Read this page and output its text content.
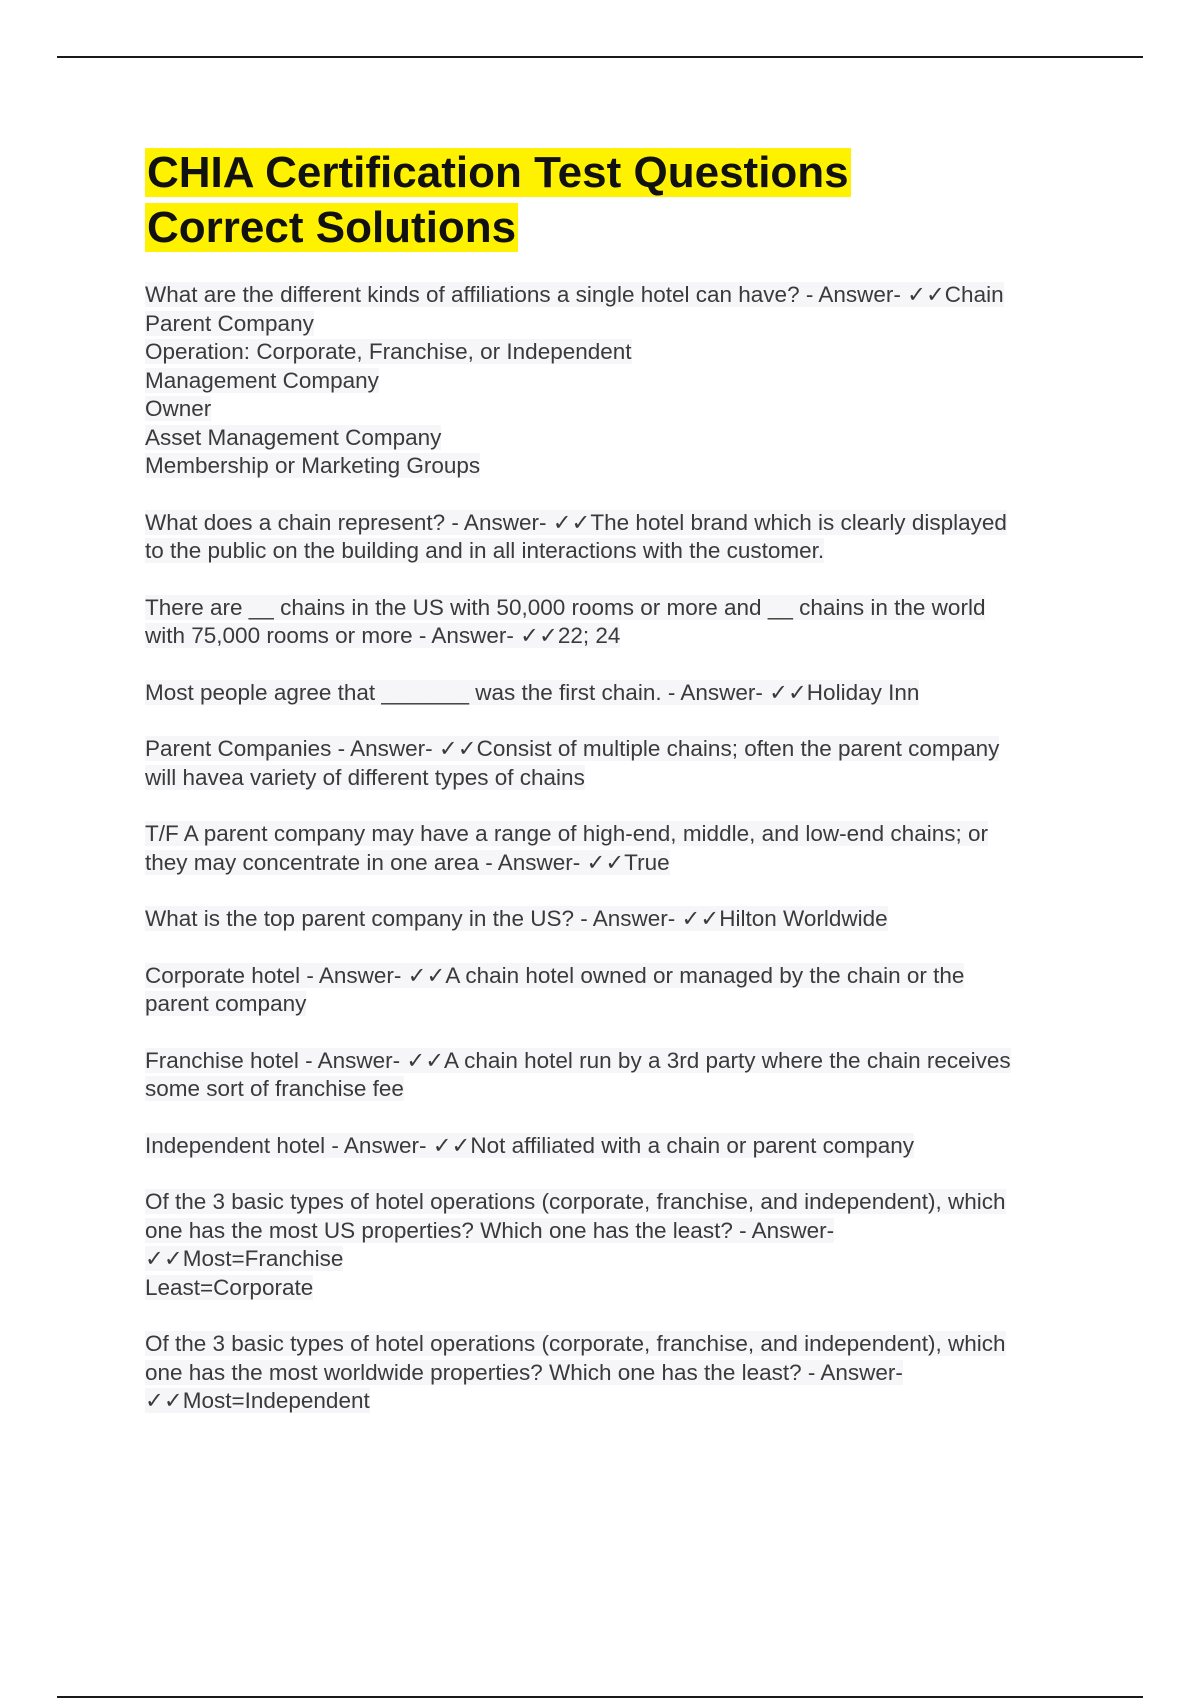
CHIA Certification Test Questions
Correct Solutions
What are the different kinds of affiliations a single hotel can have? - Answer- ✓✓Chain
Parent Company
Operation: Corporate, Franchise, or Independent
Management Company
Owner
Asset Management Company
Membership or Marketing Groups
What does a chain represent? - Answer- ✓✓The hotel brand which is clearly displayed
to the public on the building and in all interactions with the customer.
There are __ chains in the US with 50,000 rooms or more and __ chains in the world
with 75,000 rooms or more - Answer- ✓✓22; 24
Most people agree that _______ was the first chain. - Answer- ✓✓Holiday Inn
Parent Companies - Answer- ✓✓Consist of multiple chains; often the parent company
will havea variety of different types of chains
T/F A parent company may have a range of high-end, middle, and low-end chains; or
they may concentrate in one area - Answer- ✓✓True
What is the top parent company in the US? - Answer- ✓✓Hilton Worldwide
Corporate hotel - Answer- ✓✓A chain hotel owned or managed by the chain or the
parent company
Franchise hotel - Answer- ✓✓A chain hotel run by a 3rd party where the chain receives
some sort of franchise fee
Independent hotel - Answer- ✓✓Not affiliated with a chain or parent company
Of the 3 basic types of hotel operations (corporate, franchise, and independent), which
one has the most US properties? Which one has the least? - Answer-
✓✓Most=Franchise
Least=Corporate
Of the 3 basic types of hotel operations (corporate, franchise, and independent), which
one has the most worldwide properties? Which one has the least? - Answer-
✓✓Most=Independent
